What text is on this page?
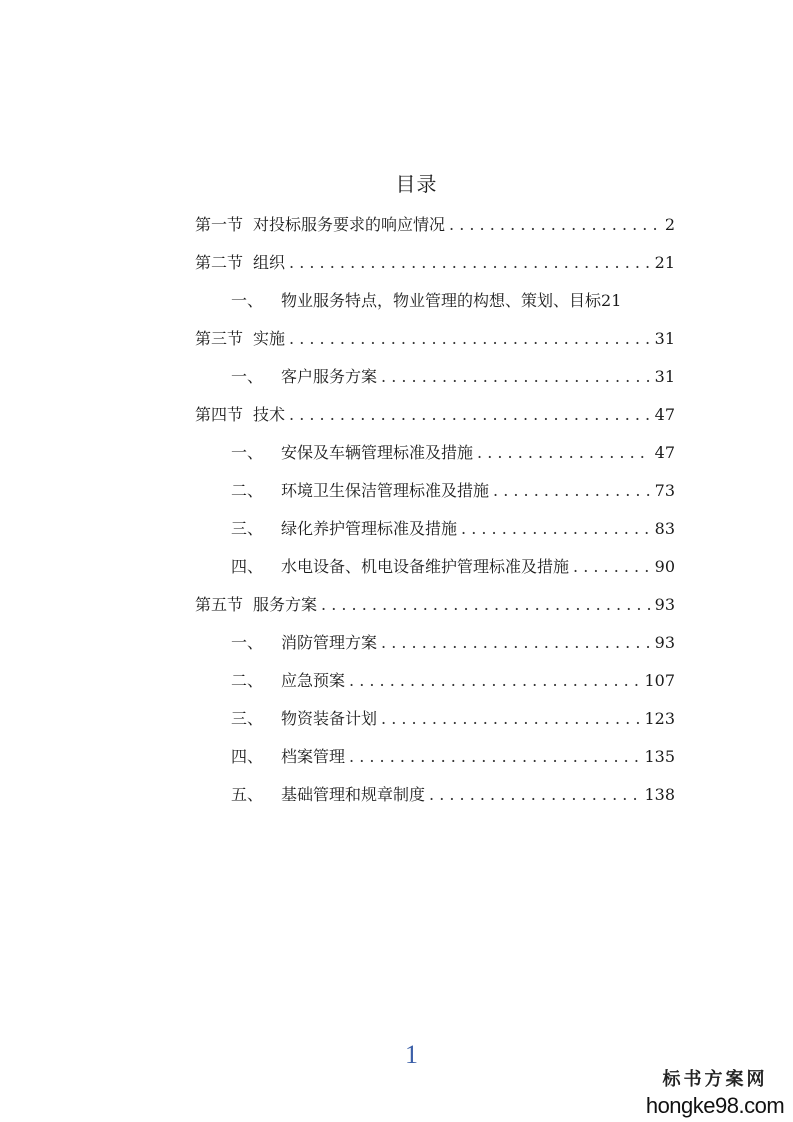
目录
第一节 对投标服务要求的响应情况 . . .	2
第二节 组织 . . .	21
一、	物业服务特点，物业管理的构想、策划、目标 21
第三节 实施 . . .	31
一、	客户服务方案 . . .	31
第四节 技术 . . .	47
一、	安保及车辆管理标准及措施 . . .	47
二、	环境卫生保洁管理标准及措施 . . .	73
三、	绿化养护管理标准及措施 . . .	83
四、	水电设备、机电设备维护管理标准及措施 . . .	90
第五节 服务方案 . . .	93
一、	消防管理方案 . . .	93
二、	应急预案 . . .	107
三、	物资装备计划 . . .	123
四、	档案管理 . . .	135
五、	基础管理和规章制度 . . .	138
1
标书方案网
hongke98.com
